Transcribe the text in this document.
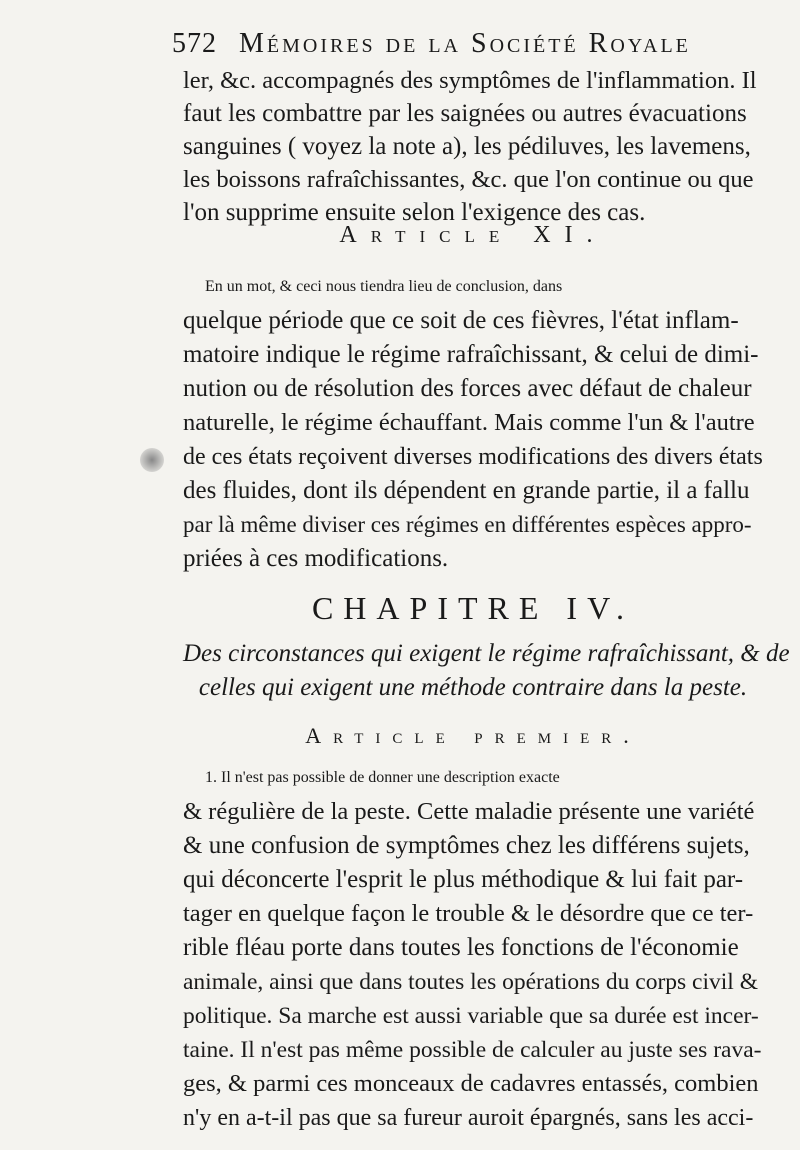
572 Mémoires de la Société Royale
ler, &c. accompagnés des symptômes de l'inflammation. Il
faut les combattre par les saignées ou autres évacuations
sanguines ( voyez la note a), les pédiluves, les lavemens,
les boissons rafraîchissantes, &c. que l'on continue ou que
l'on supprime ensuite selon l'exigence des cas.
Article XI.
En un mot, & ceci nous tiendra lieu de conclusion, dans
quelque période que ce soit de ces fièvres, l'état inflam-
matoire indique le régime rafraîchissant, & celui de dimi-
nution ou de résolution des forces avec défaut de chaleur
naturelle, le régime échauffant. Mais comme l'un & l'autre
de ces états reçoivent diverses modifications des divers états
des fluides, dont ils dépendent en grande partie, il a fallu
par là même diviser ces régimes en différentes espèces appro-
priées à ces modifications.
CHAPITRE IV.
Des circonstances qui exigent le régime rafraîchissant, & de
celles qui exigent une méthode contraire dans la peste.
Article premier.
1. Il n'est pas possible de donner une description exacte
& régulière de la peste. Cette maladie présente une variété
& une confusion de symptômes chez les différens sujets,
qui déconcerte l'esprit le plus méthodique & lui fait par-
tager en quelque façon le trouble & le désordre que ce ter-
rible fléau porte dans toutes les fonctions de l'économie
animale, ainsi que dans toutes les opérations du corps civil &
politique. Sa marche est aussi variable que sa durée est incer-
taine. Il n'est pas même possible de calculer au juste ses rava-
ges, & parmi ces monceaux de cadavres entassés, combien
n'y en a-t-il pas que sa fureur auroit épargnés, sans les acci-
